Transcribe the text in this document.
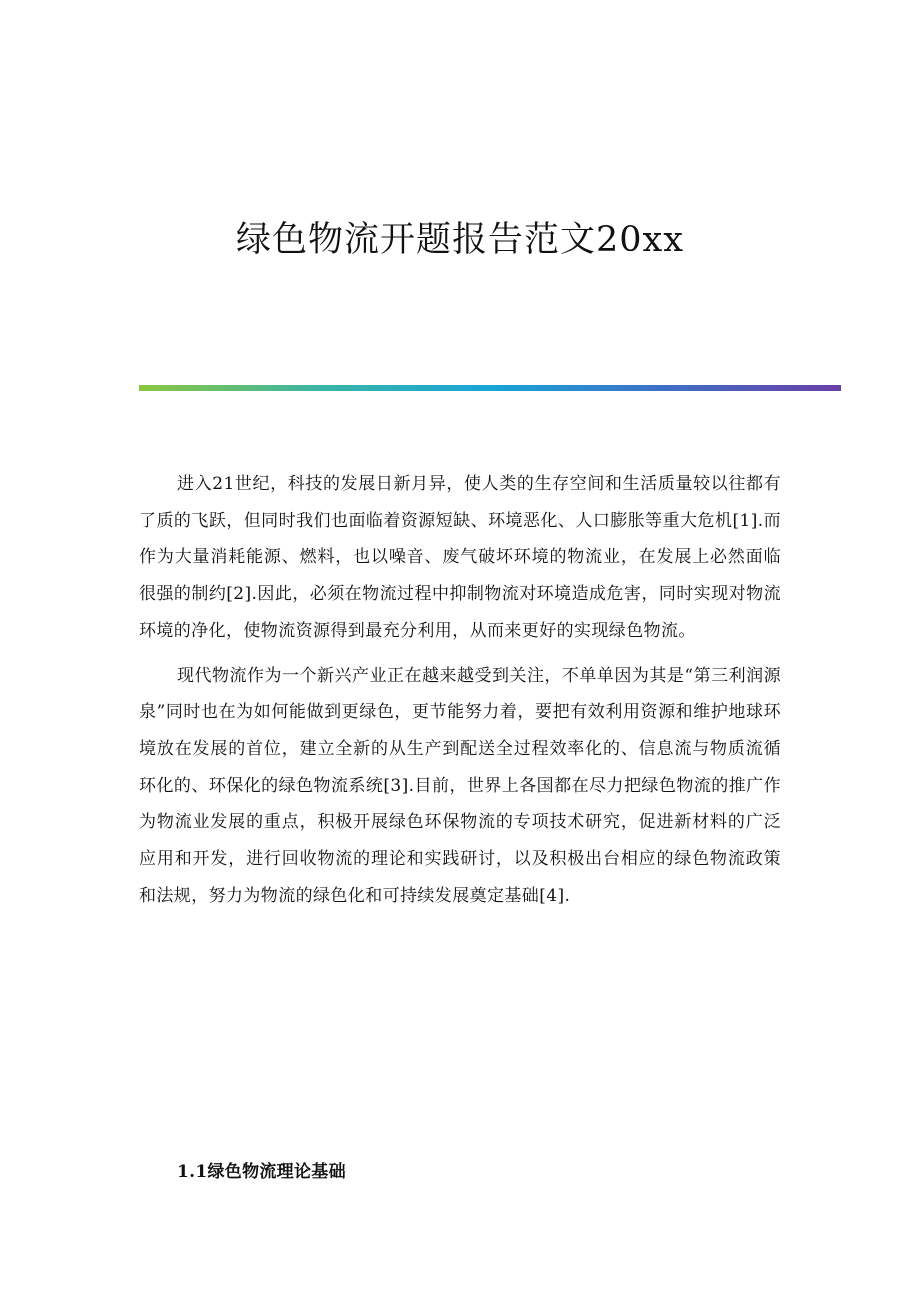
绿色物流开题报告范文20xx

进入21世纪，科技的发展日新月异，使人类的生存空间和生活质量较以往都有了质的飞跃，但同时我们也面临着资源短缺、环境恶化、人口膨胀等重大危机[1].而作为大量消耗能源、燃料，也以噪音、废气破坏环境的物流业，在发展上必然面临很强的制约[2].因此，必须在物流过程中抑制物流对环境造成危害，同时实现对物流环境的净化，使物流资源得到最充分利用，从而来更好的实现绿色物流。

现代物流作为一个新兴产业正在越来越受到关注，不单单因为其是“第三利润源泉”同时也在为如何能做到更绿色，更节能努力着，要把有效利用资源和维护地球环境放在发展的首位，建立全新的从生产到配送全过程效率化的、信息流与物质流循环化的、环保化的绿色物流系统[3].目前，世界上各国都在尽力把绿色物流的推广作为物流业发展的重点，积极开展绿色环保物流的专项技术研究，促进新材料的广泛应用和开发，进行回收物流的理论和实践研讨，以及积极出台相应的绿色物流政策和法规，努力为物流的绿色化和可持续发展奠定基础[4].

1.1绿色物流理论基础
